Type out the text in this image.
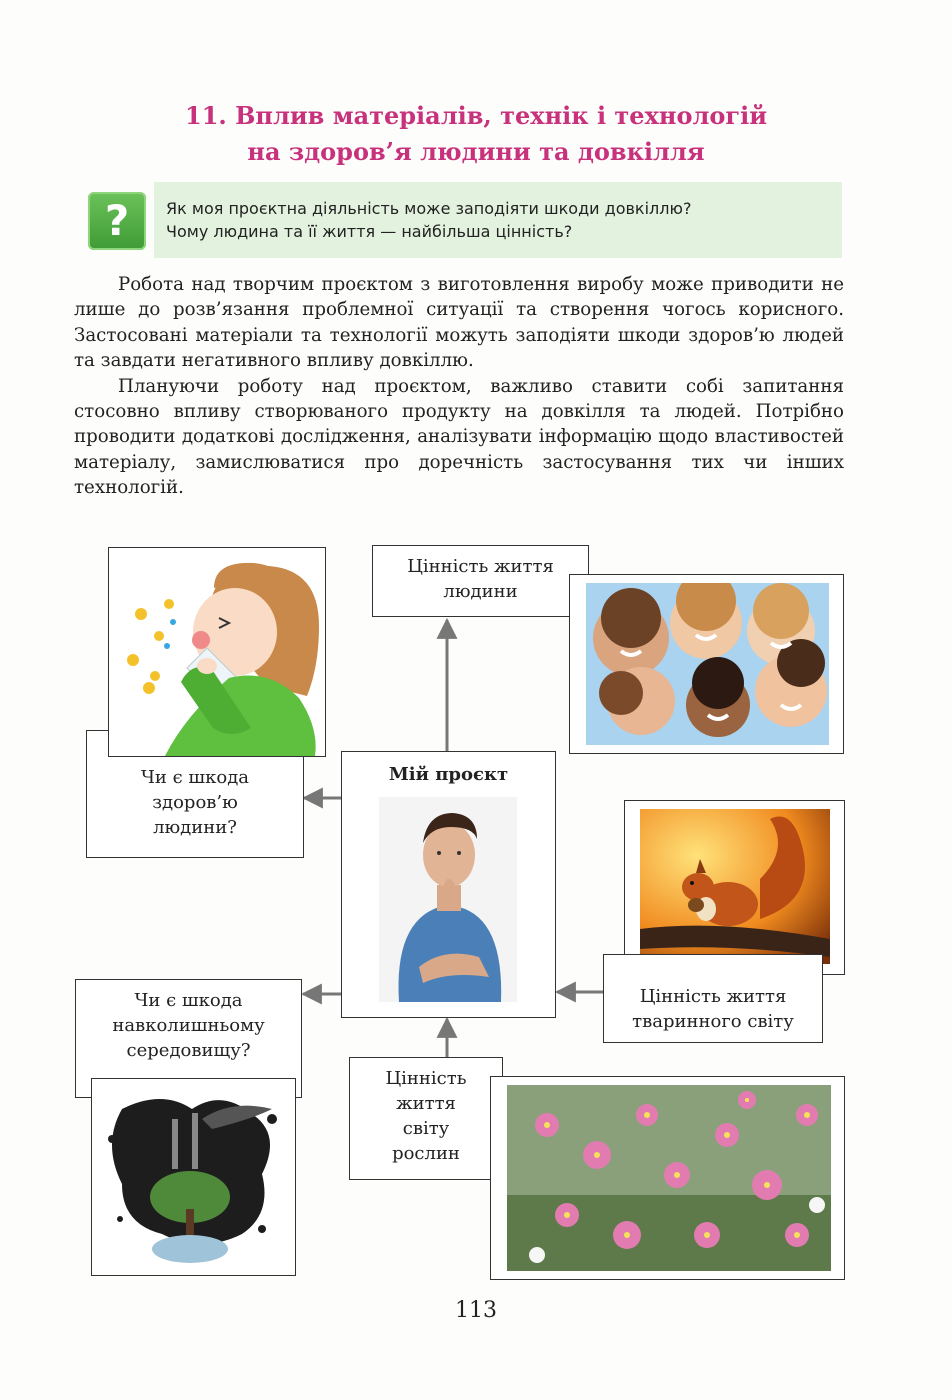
11. Вплив матеріалів, технік і технологій
на здоров’я людини та довкілля
?	Як моя проєктна діяльність може заподіяти шкоди довкіллю?
Чому людина та її життя — найбільша цінність?

Робота над творчим проєктом з виготовлення виробу може приводити не лише до розв’язання проблемної ситуації та створення чогось корисного. Застосовані матеріали та технології можуть заподіяти шкоди здоров’ю людей та завдати негативного впливу довкіллю.

Плануючи роботу над проєктом, важливо ставити собі запитання стосовно впливу створюваного продукту на довкілля та людей. Потрібно проводити додаткові дослідження, аналізувати інформацію щодо властивостей матеріалу, замислюватися про доречність застосування тих чи інших технологій.

Цінність життя
людини
Чи є шкода
здоров’ю
людини?
Мій проєкт
Цінність життя
тваринного світу
Чи є шкода
навколишньому
середовищу?
Цінність
життя
світу
рослин
113
